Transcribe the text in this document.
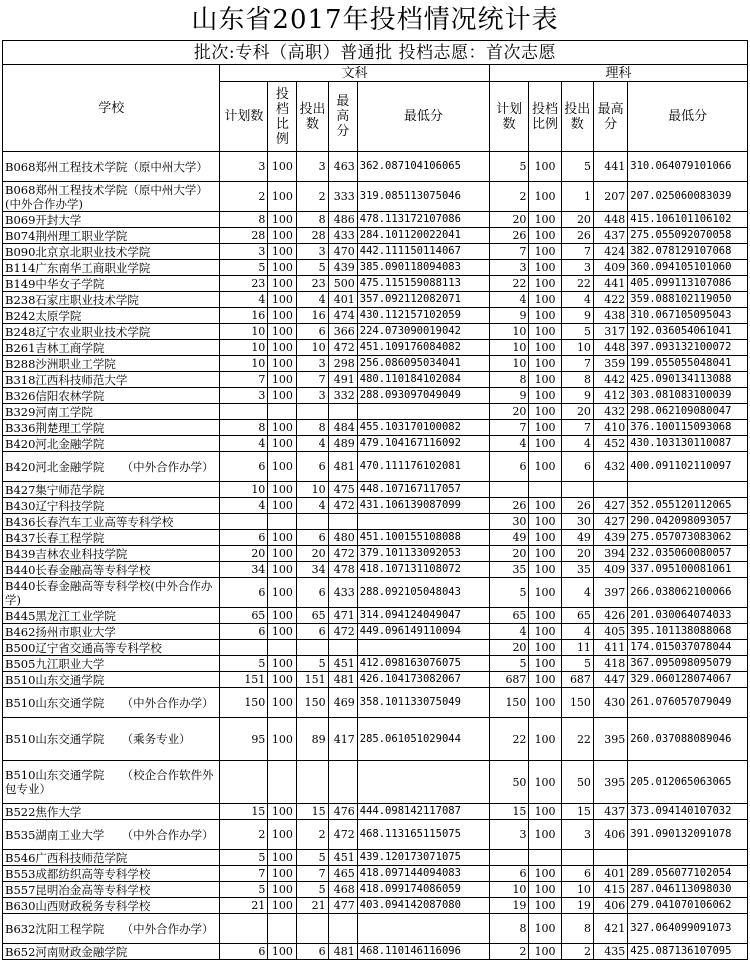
山东省2017年投档情况统计表
批次:专科（高职）普通批 投档志愿：首次志愿
学校	文科					理科				
	计划数	投档比例	投出数	最高分	最低分	计划数	投档比例	投出数	最高分	最低分
B068郑州工程技术学院（原中州大学）	3	100	3	463	362.087104106065	5	100	5	441	310.064079101066
B068郑州工程技术学院（原中州大学）(中外合作办学)	2	100	2	333	319.085113075046	2	100	1	207	207.025060083039
B069开封大学	8	100	8	486	478.113172107086	20	100	20	448	415.106101106102
B074荆州理工职业学院	28	100	28	433	284.101120022041	26	100	26	437	275.055092070058
B090北京京北职业技术学院	3	100	3	470	442.111150114067	7	100	7	424	382.078129107068
B114广东南华工商职业学院	5	100	5	439	385.090118094083	3	100	3	409	360.094105101060
B149中华女子学院	23	100	23	500	475.115159088113	22	100	22	441	405.099113107086
B238石家庄职业技术学院	4	100	4	401	357.092112082071	4	100	4	422	359.088102119050
B242太原学院	16	100	16	474	430.112157102059	9	100	9	438	310.067105095043
B248辽宁农业职业技术学院	10	100	6	366	224.073090019042	10	100	5	317	192.036054061041
B261吉林工商学院	10	100	10	472	451.109176084082	10	100	10	448	397.093132100072
B288沙洲职业工学院	10	100	3	298	256.086095034041	10	100	7	359	199.055055048041
B318江西科技师范大学	7	100	7	491	480.110184102084	8	100	8	442	425.090134113088
B326信阳农林学院	3	100	3	332	288.093097049049	9	100	9	412	303.081083100039
B329河南工学院						20	100	20	432	298.062109080047
B336荆楚理工学院	8	100	8	484	455.103170100082	7	100	7	410	376.100115093068
B420河北金融学院	4	100	4	489	479.104167116092	4	100	4	452	430.103130110087
B420河北金融学院　　（中外合作办学）	6	100	6	481	470.111176102081	6	100	6	432	400.091102110097
B427集宁师范学院	10	100	10	475	448.107167117057					
B430辽宁科技学院	4	100	4	472	431.106139087099	26	100	26	427	352.055120112065
B436长春汽车工业高等专科学校						30	100	30	427	290.042098093057
B437长春工程学院	6	100	6	480	451.100155108088	49	100	49	439	275.057073083062
B439吉林农业科技学院	20	100	20	472	379.101133092053	20	100	20	394	232.035060080057
B440长春金融高等专科学校	34	100	34	478	418.107131108072	35	100	35	409	337.095100081061
B440长春金融高等专科学校(中外合作办学)	6	100	6	433	288.092105048043	5	100	4	397	266.038062100066
B445黑龙江工业学院	65	100	65	471	314.094124049047	65	100	65	426	201.030064074033
B462扬州市职业大学	6	100	6	472	449.096149110094	4	100	4	405	395.101138088068
B500辽宁省交通高等专科学校						20	100	11	411	174.015037078044
B505九江职业大学	5	100	5	451	412.098163076075	5	100	5	418	367.095098095079
B510山东交通学院	151	100	151	481	426.104173082067	687	100	687	447	329.060128074067
B510山东交通学院　　（中外合作办学）	150	100	150	469	358.101133075049	150	100	150	430	261.076057079049
B510山东交通学院　　（乘务专业）	95	100	89	417	285.061051029044	22	100	22	395	260.037088089046
B510山东交通学院　　（校企合作软件外包专业）						50	100	50	395	205.012065063065
B522焦作大学	15	100	15	476	444.098142117087	15	100	15	437	373.094140107032
B535湖南工业大学　　（中外合作办学）	2	100	2	472	468.113165115075	3	100	3	406	391.090132091078
B546广西科技师范学院	5	100	5	451	439.120173071075					
B553成都纺织高等专科学校	7	100	7	465	418.097144094083	6	100	6	401	289.056077102054
B557昆明冶金高等专科学校	5	100	5	468	418.099174086059	10	100	10	415	287.046113098030
B630山西财政税务专科学校	21	100	21	477	403.094142087080	19	100	19	406	279.041070106062
B632沈阳工程学院　　（中外合作办学）						8	100	8	421	327.064099091073
B652河南财政金融学院	6	100	6	481	468.110146116096	2	100	2	435	425.087136107095
